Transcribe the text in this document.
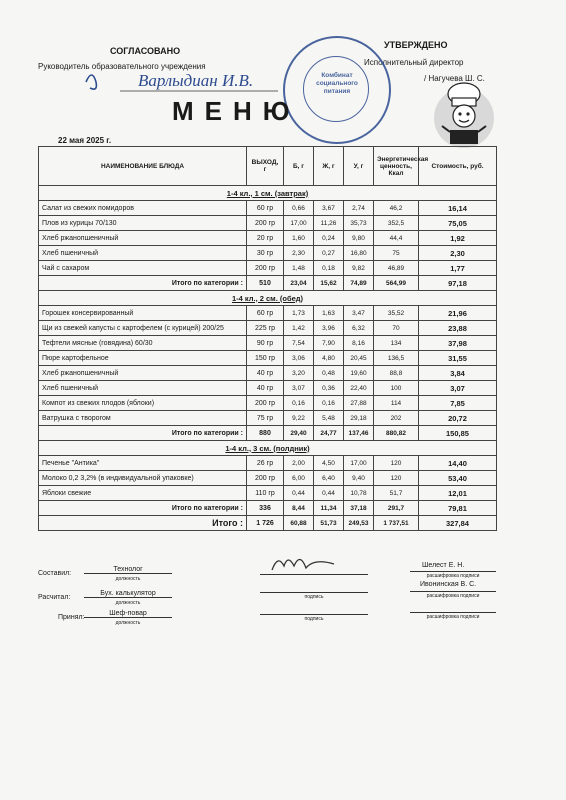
СОГЛАСОВАНО
Руководитель образовательного учреждения
Варлыдиан И.В.
УТВЕРЖДЕНО
Исполнительный директор
/ Нагучева Ш. С.
Комбинат социального питания
МЕНЮ
22 мая 2025 г.
НАИМЕНОВАНИЕ БЛЮДА	ВЫХОД, г	Б, г	Ж, г	У, г	Энергетическая ценность, Ккал	Стоимость, руб.
1-4 кл., 1 см. (завтрак)						
Салат из свежих помидоров	60 гр	0,66	3,67	2,74	46,2	16,14
Плов из курицы 70/130	200 гр	17,00	11,26	35,73	352,5	75,05
Хлеб ржанопшеничный	20 гр	1,60	0,24	9,80	44,4	1,92
Хлеб пшеничный	30 гр	2,30	0,27	16,80	75	2,30
Чай с сахаром	200 гр	1,48	0,18	9,82	46,89	1,77
Итого по категории :	510	23,04	15,62	74,89	564,99	97,18
1-4 кл., 2 см. (обед)						
Горошек консервированный	60 гр	1,73	1,63	3,47	35,52	21,96
Щи из свежей капусты с картофелем (с курицей) 200/25	225 гр	1,42	3,96	6,32	70	23,88
Тефтели мясные (говядина) 60/30	90 гр	7,54	7,90	8,16	134	37,98
Пюре картофельное	150 гр	3,06	4,80	20,45	136,5	31,55
Хлеб ржанопшеничный	40 гр	3,20	0,48	19,60	88,8	3,84
Хлеб пшеничный	40 гр	3,07	0,36	22,40	100	3,07
Компот из свежих плодов (яблоки)	200 гр	0,16	0,16	27,88	114	7,85
Ватрушка с творогом	75 гр	9,22	5,48	29,18	202	20,72
Итого по категории :	880	29,40	24,77	137,46	880,82	150,85
1-4 кл., 3 см. (полдник)						
Печенье "Антика"	26 гр	2,00	4,50	17,00	120	14,40
Молоко 0,2 3,2% (в индивидуальной упаковке)	200 гр	6,00	6,40	9,40	120	53,40
Яблоки свежие	110 гр	0,44	0,44	10,78	51,7	12,01
Итого по категории :	336	8,44	11,34	37,18	291,7	79,81
Итого :	1 726	60,88	51,73	249,53	1 737,51	327,84
Составил:
Технолог
должность
Шелест Е. Н.
расшифровка подписи
Расчитал:
Бух. калькулятор
должность
подпись
Ивонинская В. С.
расшифровка подписи
Принял:
Шеф-повар
должность
подпись	расшифровка подписи
